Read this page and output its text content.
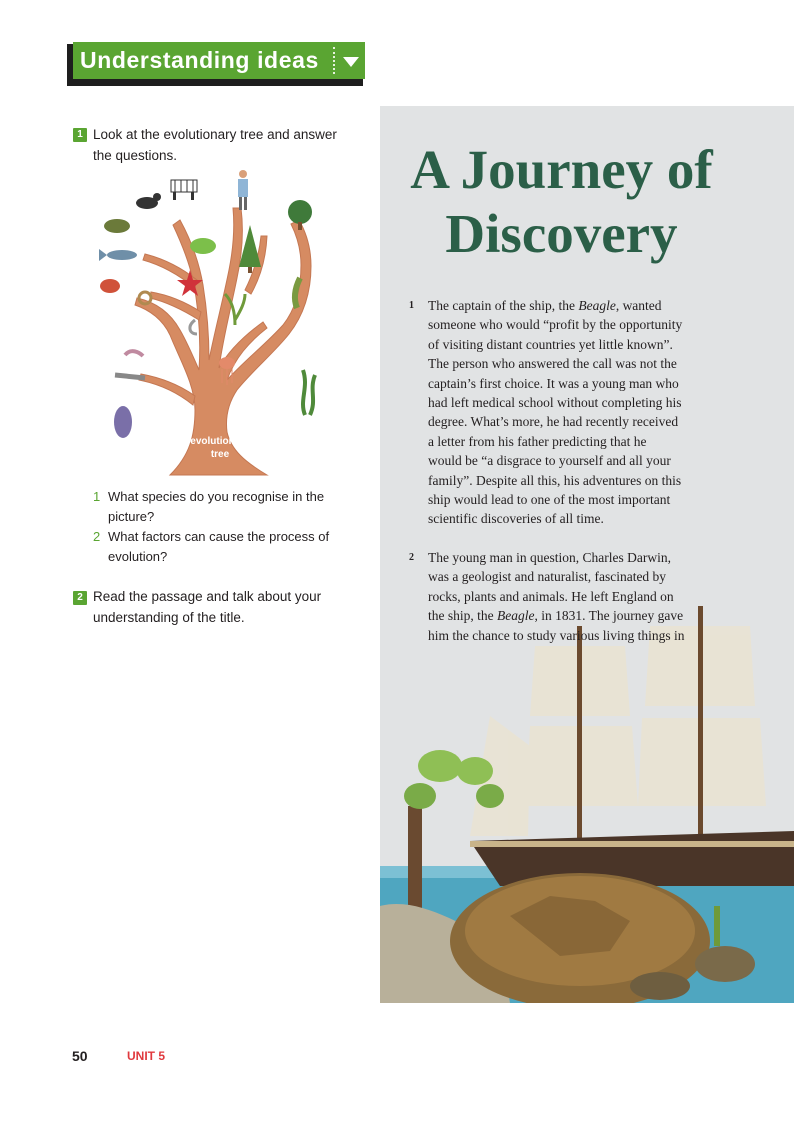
Understanding ideas
1 Look at the evolutionary tree and answer
the questions.
evolutionary
tree
1 What species do you recognise in the
picture?
2 What factors can cause the process of
evolution?
2 Read the passage and talk about your
understanding of the title.
A Journey of
Discovery
1 The captain of the ship, the Beagle, wanted
someone who would “profit by the opportunity
of visiting distant countries yet little known”.
The person who answered the call was not the
captain’s first choice. It was a young man who
had left medical school without completing his
degree. What’s more, he had recently received
a letter from his father predicting that he
would be “a disgrace to yourself and all your
family”. Despite all this, his adventures on this
ship would lead to one of the most important
scientific discoveries of all time.
2 The young man in question, Charles Darwin,
was a geologist and naturalist, fascinated by
rocks, plants and animals. He left England on
the ship, the Beagle, in 1831. The journey gave
him the chance to study various living things in
50	UNIT 5
